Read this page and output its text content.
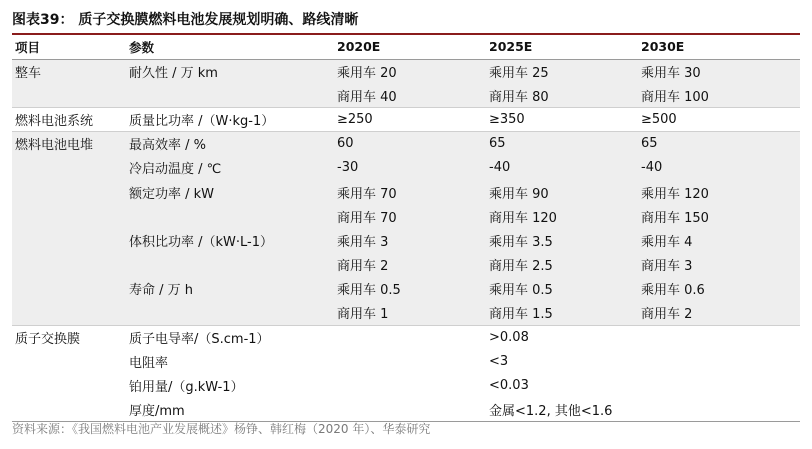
图表39： 质子交换膜燃料电池发展规划明确、路线清晰
项目	参数	2020E	2025E	2030E
整车	耐久性 / 万 km	乘用车 20	乘用车 25	乘用车 30
		商用车 40	商用车 80	商用车 100
燃料电池系统	质量比功率 /（W·kg-1）	≥250	≥350	≥500
燃料电池电堆	最高效率 / %	60	65	65
	冷启动温度 / ℃	-30	-40	-40
	额定功率 / kW	乘用车 70	乘用车 90	乘用车 120
		商用车 70	商用车 120	商用车 150
	体积比功率 /（kW·L-1）	乘用车 3	乘用车 3.5	乘用车 4
		商用车 2	商用车 2.5	商用车 3
	寿命 / 万 h	乘用车 0.5	乘用车 0.5	乘用车 0.6
		商用车 1	商用车 1.5	商用车 2
质子交换膜	质子电导率/（S.cm-1）		>0.08	
	电阻率		<3	
	铂用量/（g.kW-1）		<0.03	
	厚度/mm		金属<1.2, 其他<1.6	
资料来源：《我国燃料电池产业发展概述》杨铮、韩红梅（2020 年）、华泰研究
